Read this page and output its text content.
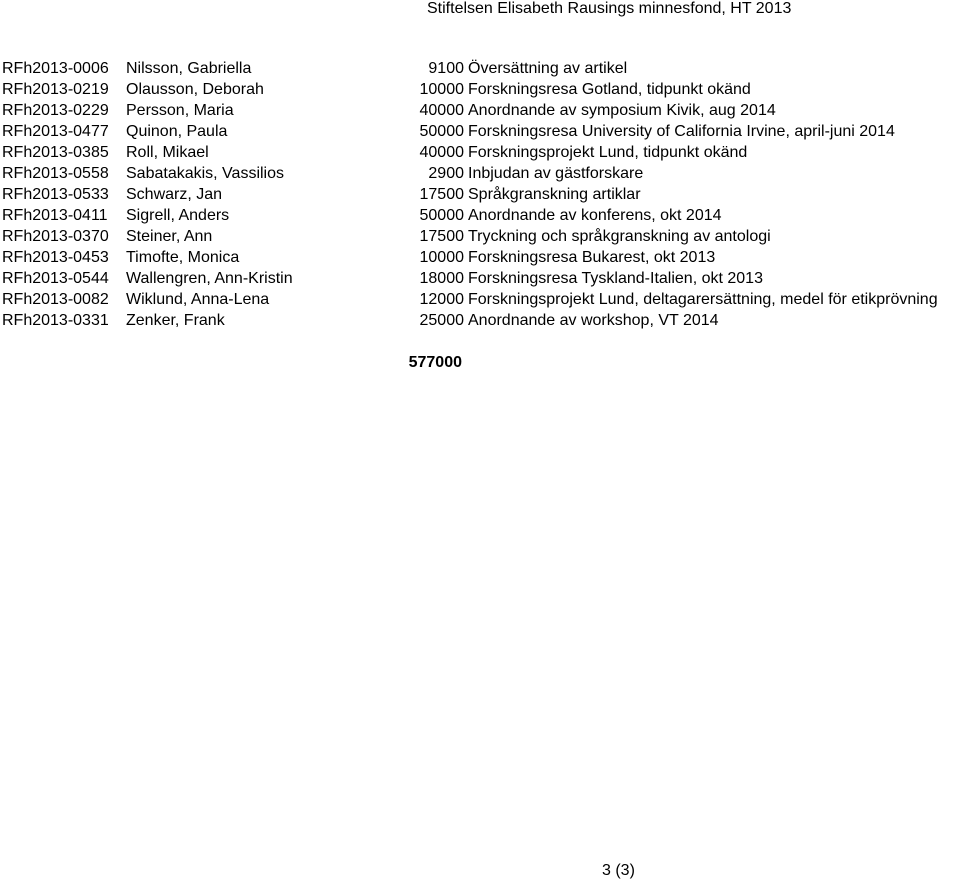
Stiftelsen Elisabeth Rausings minnesfond, HT 2013
RFh2013-0006	Nilsson, Gabriella	9100	Översättning av artikel
RFh2013-0219	Olausson, Deborah	10000	Forskningsresa Gotland, tidpunkt okänd
RFh2013-0229	Persson, Maria	40000	Anordnande av symposium Kivik, aug 2014
RFh2013-0477	Quinon, Paula	50000	Forskningsresa University of California Irvine, april-juni 2014
RFh2013-0385	Roll, Mikael	40000	Forskningsprojekt Lund, tidpunkt okänd
RFh2013-0558	Sabatakakis, Vassilios	2900	Inbjudan av gästforskare
RFh2013-0533	Schwarz, Jan	17500	Språkgranskning artiklar
RFh2013-0411	Sigrell, Anders	50000	Anordnande av konferens, okt 2014
RFh2013-0370	Steiner, Ann	17500	Tryckning och språkgranskning av antologi
RFh2013-0453	Timofte, Monica	10000	Forskningsresa Bukarest, okt 2013
RFh2013-0544	Wallengren, Ann-Kristin	18000	Forskningsresa Tyskland-Italien, okt 2013
RFh2013-0082	Wiklund, Anna-Lena	12000	Forskningsprojekt Lund, deltagarersättning, medel för etikprövning
RFh2013-0331	Zenker, Frank	25000	Anordnande av workshop, VT 2014
577000
3 (3)
